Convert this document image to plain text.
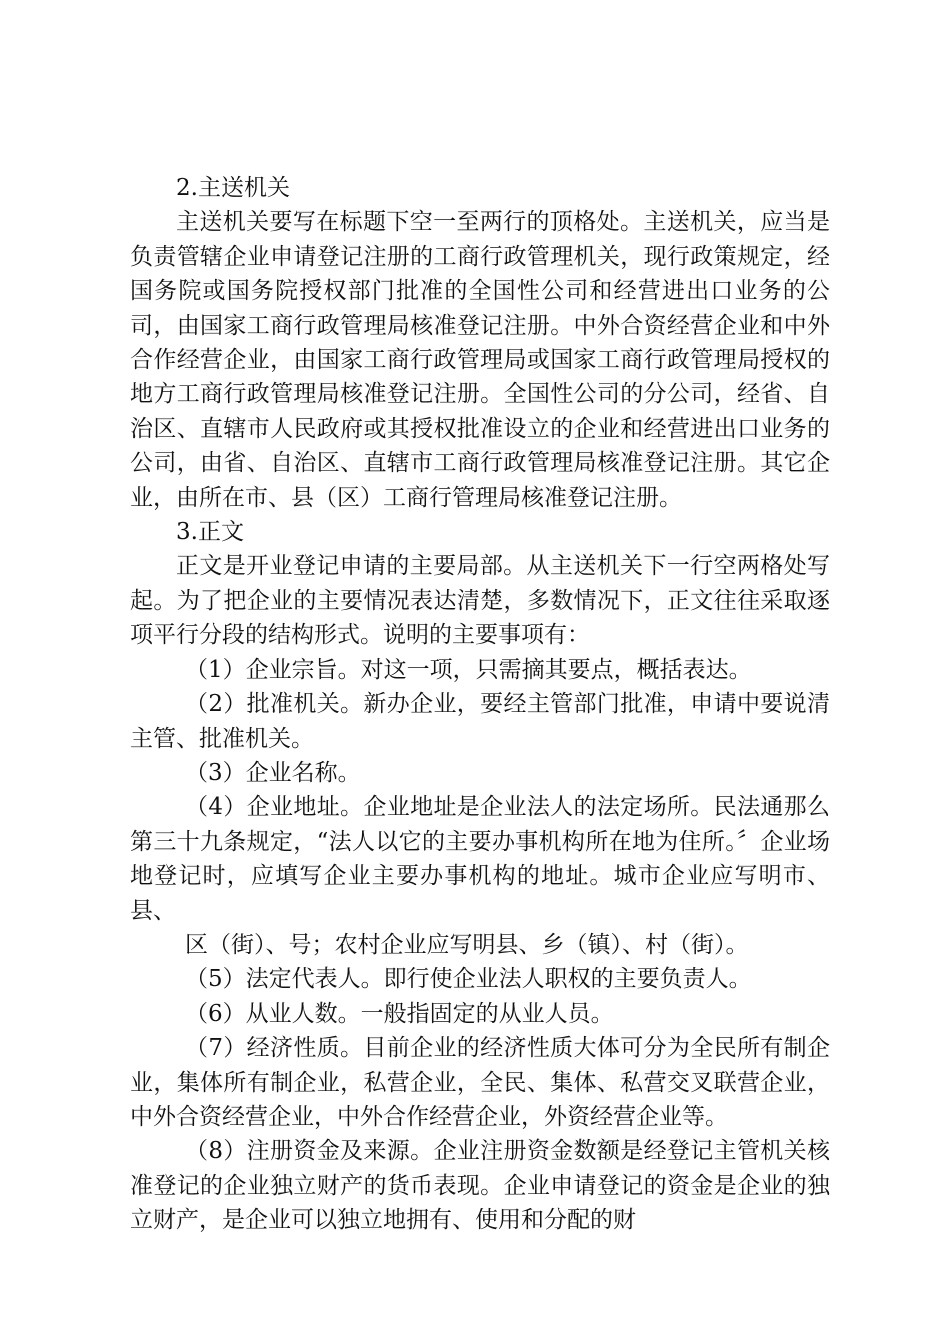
2.主送机关

主送机关要写在标题下空一至两行的顶格处。主送机关，应当是负责管辖企业申请登记注册的工商行政管理机关，现行政策规定，经国务院或国务院授权部门批准的全国性公司和经营进出口业务的公司，由国家工商行政管理局核准登记注册。中外合资经营企业和中外合作经营企业，由国家工商行政管理局或国家工商行政管理局授权的地方工商行政管理局核准登记注册。全国性公司的分公司，经省、自治区、直辖市人民政府或其授权批准设立的企业和经营进出口业务的公司，由省、自治区、直辖市工商行政管理局核准登记注册。其它企业，由所在市、县（区）工商行管理局核准登记注册。

3.正文

正文是开业登记申请的主要局部。从主送机关下一行空两格处写起。为了把企业的主要情况表达清楚，多数情况下，正文往往采取逐项平行分段的结构形式。说明的主要事项有：

（1）企业宗旨。对这一项，只需摘其要点，概括表达。

（2）批准机关。新办企业，要经主管部门批准，申请中要说清主管、批准机关。

（3）企业名称。

（4）企业地址。企业地址是企业法人的法定场所。民法通那么第三十九条规定，“法人以它的主要办事机构所在地为住所。〞企业场地登记时，应填写企业主要办事机构的地址。城市企业应写明市、县、

区（街）、号；农村企业应写明县、乡（镇）、村（街）。

（5）法定代表人。即行使企业法人职权的主要负责人。

（6）从业人数。一般指固定的从业人员。

（7）经济性质。目前企业的经济性质大体可分为全民所有制企业，集体所有制企业，私营企业，全民、集体、私营交叉联营企业，中外合资经营企业，中外合作经营企业，外资经营企业等。

（8）注册资金及来源。企业注册资金数额是经登记主管机关核准登记的企业独立财产的货币表现。企业申请登记的资金是企业的独立财产，是企业可以独立地拥有、使用和分配的财
